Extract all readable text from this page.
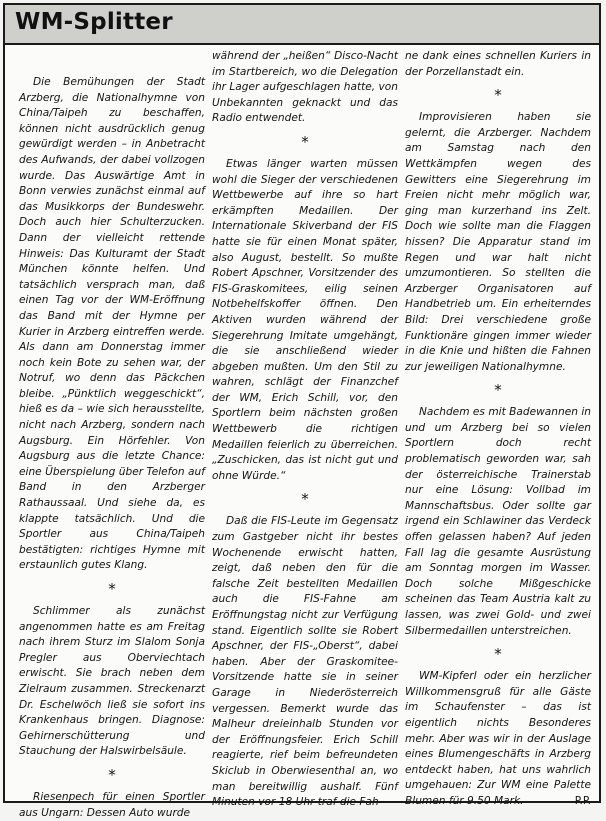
WM-Splitter

Die Bemühungen der Stadt Arzberg, die Nationalhymne von China/Taipeh zu beschaffen, können nicht ausdrücklich genug gewürdigt werden – in Anbetracht des Aufwands, der dabei vollzogen wurde. Das Auswärtige Amt in Bonn verwies zunächst einmal auf das Musikkorps der Bundeswehr. Doch auch hier Schulterzucken. Dann der vielleicht rettende Hinweis: Das Kulturamt der Stadt München könnte helfen. Und tatsächlich versprach man, daß einen Tag vor der WM-Eröffnung das Band mit der Hymne per Kurier in Arzberg eintreffen werde. Als dann am Donnerstag immer noch kein Bote zu sehen war, der Notruf, wo denn das Päckchen bleibe. „Pünktlich weggeschickt“, hieß es da – wie sich herausstellte, nicht nach Arzberg, sondern nach Augsburg. Ein Hörfehler. Von Augsburg aus die letzte Chance: eine Überspielung über Telefon auf Band in den Arzberger Rathaussaal. Und siehe da, es klappte tatsächlich. Und die Sportler aus China/Taipeh bestätigten: richtiges Hymne mit erstaunlich gutes Klang.

*

Schlimmer als zunächst angenommen hatte es am Freitag nach ihrem Sturz im Slalom Sonja Pregler aus Oberviechtach erwischt. Sie brach neben dem Zielraum zusammen. Streckenarzt Dr. Eschelwöch ließ sie sofort ins Krankenhaus bringen. Diagnose: Gehirnerschütterung und Stauchung der Halswirbelsäule.

*

Riesenpech für einen Sportler aus Ungarn: Dessen Auto wurde

während der „heißen“ Disco-Nacht im Startbereich, wo die Delegation ihr Lager aufgeschlagen hatte, von Unbekannten geknackt und das Radio entwendet.

*

Etwas länger warten müssen wohl die Sieger der verschiedenen Wettbewerbe auf ihre so hart erkämpften Medaillen. Der Internationale Skiverband der FIS hatte sie für einen Monat später, also August, bestellt. So mußte Robert Apschner, Vorsitzender des FIS-Graskomitees, eilig seinen Notbehelfskoffer öffnen. Den Aktiven wurden während der Siegerehrung Imitate umgehängt, die sie anschließend wieder abgeben mußten. Um den Stil zu wahren, schlägt der Finanzchef der WM, Erich Schill, vor, den Sportlern beim nächsten großen Wettbewerb die richtigen Medaillen feierlich zu überreichen. „Zuschicken, das ist nicht gut und ohne Würde.“

*

Daß die FIS-Leute im Gegensatz zum Gastgeber nicht ihr bestes Wochenende erwischt hatten, zeigt, daß neben den für die falsche Zeit bestellten Medaillen auch die FIS-Fahne am Eröffnungstag nicht zur Verfügung stand. Eigentlich sollte sie Robert Apschner, der FIS-„Oberst“, dabei haben. Aber der Graskomitee-Vorsitzende hatte sie in seiner Garage in Niederösterreich vergessen. Bemerkt wurde das Malheur dreieinhalb Stunden vor der Eröffnungsfeier. Erich Schill reagierte, rief beim befreundeten Skiclub in Oberwiesenthal an, wo man bereitwillig aushalf. Fünf Minuten vor 18 Uhr traf die Fah-

ne dank eines schnellen Kuriers in der Porzellanstadt ein.

*

Improvisieren haben sie gelernt, die Arzberger. Nachdem am Samstag nach den Wettkämpfen wegen des Gewitters eine Siegerehrung im Freien nicht mehr möglich war, ging man kurzerhand ins Zelt. Doch wie sollte man die Flaggen hissen? Die Apparatur stand im Regen und war halt nicht umzumontieren. So stellten die Arzberger Organisatoren auf Handbetrieb um. Ein erheiterndes Bild: Drei verschiedene große Funktionäre gingen immer wieder in die Knie und hißten die Fahnen zur jeweiligen Nationalhymne.

*

Nachdem es mit Badewannen in und um Arzberg bei so vielen Sportlern doch recht problematisch geworden war, sah der österreichische Trainerstab nur eine Lösung: Vollbad im Mannschaftsbus. Oder sollte gar irgend ein Schlawiner das Verdeck offen gelassen haben? Auf jeden Fall lag die gesamte Ausrüstung am Sonntag morgen im Wasser. Doch solche Mißgeschicke scheinen das Team Austria kalt zu lassen, was zwei Gold- und zwei Silbermedaillen unterstreichen.

*

WM-Kipferl oder ein herzlicher Willkommensgruß für alle Gäste im Schaufenster – das ist eigentlich nichts Besonderes mehr. Aber was wir in der Auslage eines Blumengeschäfts in Arzberg entdeckt haben, hat uns wahrlich umgehauen: Zur WM eine Palette Blumen für 9.50 Mark.	P.P.
